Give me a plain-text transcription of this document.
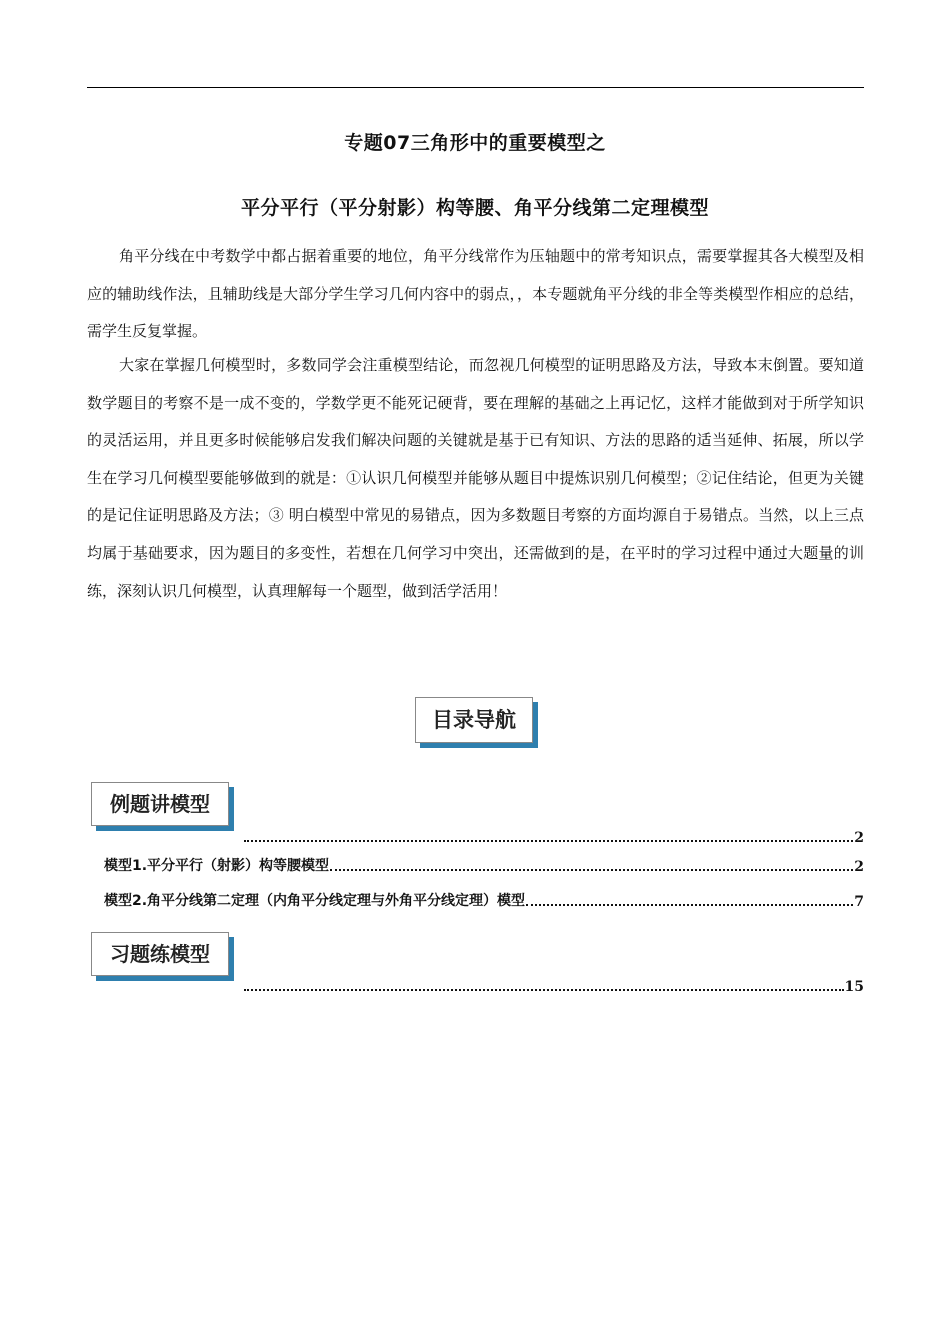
专题07三角形中的重要模型之
平分平行（平分射影）构等腰、角平分线第二定理模型

角平分线在中考数学中都占据着重要的地位，角平分线常作为压轴题中的常考知识点，需要掌握其各大模型及相应的辅助线作法，且辅助线是大部分学生学习几何内容中的弱点，，本专题就角平分线的非全等类模型作相应的总结，需学生反复掌握。

大家在掌握几何模型时，多数同学会注重模型结论，而忽视几何模型的证明思路及方法，导致本末倒置。要知道数学题目的考察不是一成不变的，学数学更不能死记硬背，要在理解的基础之上再记忆，这样才能做到对于所学知识的灵活运用，并且更多时候能够启发我们解决问题的关键就是基于已有知识、方法的思路的适当延伸、拓展，所以学生在学习几何模型要能够做到的就是：①认识几何模型并能够从题目中提炼识别几何模型；②记住结论，但更为关键的是记住证明思路及方法；③ 明白模型中常见的易错点，因为多数题目考察的方面均源自于易错点。当然，以上三点均属于基础要求，因为题目的多变性，若想在几何学习中突出，还需做到的是，在平时的学习过程中通过大题量的训练，深刻认识几何模型，认真理解每一个题型，做到活学活用！

目录导航
例题讲模型
2
模型1.平分平行（射影）构等腰模型	2
模型2.角平分线第二定理（内角平分线定理与外角平分线定理）模型	7
习题练模型
15
